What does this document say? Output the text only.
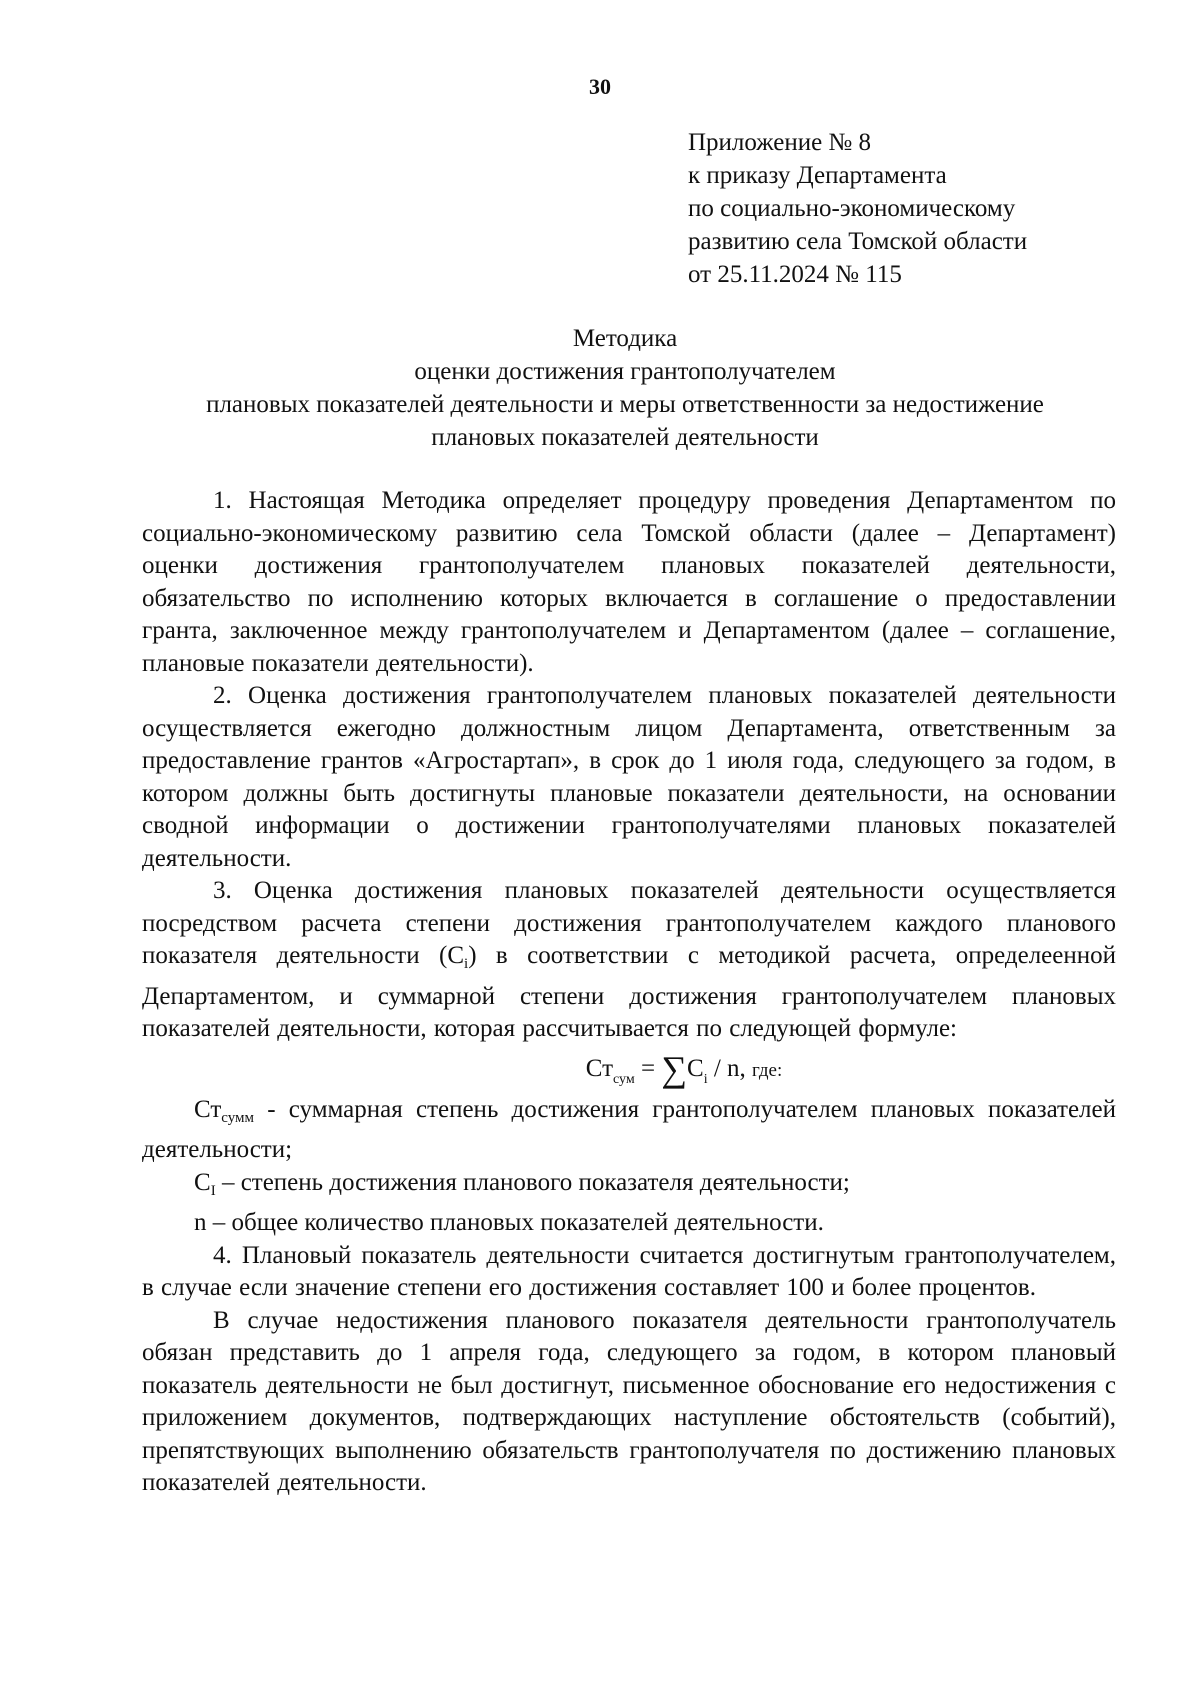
30
Приложение № 8
к приказу Департамента
по социально-экономическому
развитию села Томской области
от 25.11.2024 № 115
Методика
оценки достижения грантополучателем
плановых показателей деятельности и меры ответственности за недостижение
плановых показателей деятельности

1. Настоящая Методика определяет процедуру проведения Департаментом по социально-экономическому развитию села Томской области (далее – Департамент) оценки достижения грантополучателем плановых показателей деятельности, обязательство по исполнению которых включается в соглашение о предоставлении гранта, заключенное между грантополучателем и Департаментом (далее – соглашение, плановые показатели деятельности).

2. Оценка достижения грантополучателем плановых показателей деятельности осуществляется ежегодно должностным лицом Департамента, ответственным за предоставление грантов «Агростартап», в срок до 1 июля года, следующего за годом, в котором должны быть достигнуты плановые показатели деятельности, на основании сводной информации о достижении грантополучателями плановых показателей деятельности.

3. Оценка достижения плановых показателей деятельности осуществляется посредством расчета степени достижения грантополучателем каждого планового показателя деятельности $(C_i)$ в соответствии с методикой расчета, определеенной Департаментом, и суммарной степени достижения грантополучателем плановых показателей деятельности, которая рассчитывается по следующей формуле:

$Ст_{сум} = \sum C_i / n$, где:

$Ст_{сумм}$ - суммарная степень достижения грантополучателем плановых показателей деятельности;

$C_I$ – степень достижения планового показателя деятельности;

n – общее количество плановых показателей деятельности.

4. Плановый показатель деятельности считается достигнутым грантополучателем, в случае если значение степени его достижения составляет 100 и более процентов.

В случае недостижения планового показателя деятельности грантополучатель обязан представить до 1 апреля года, следующего за годом, в котором плановый показатель деятельности не был достигнут, письменное обоснование его недостижения с приложением документов, подтверждающих наступление обстоятельств (событий), препятствующих выполнению обязательств грантополучателя по достижению плановых показателей деятельности.
